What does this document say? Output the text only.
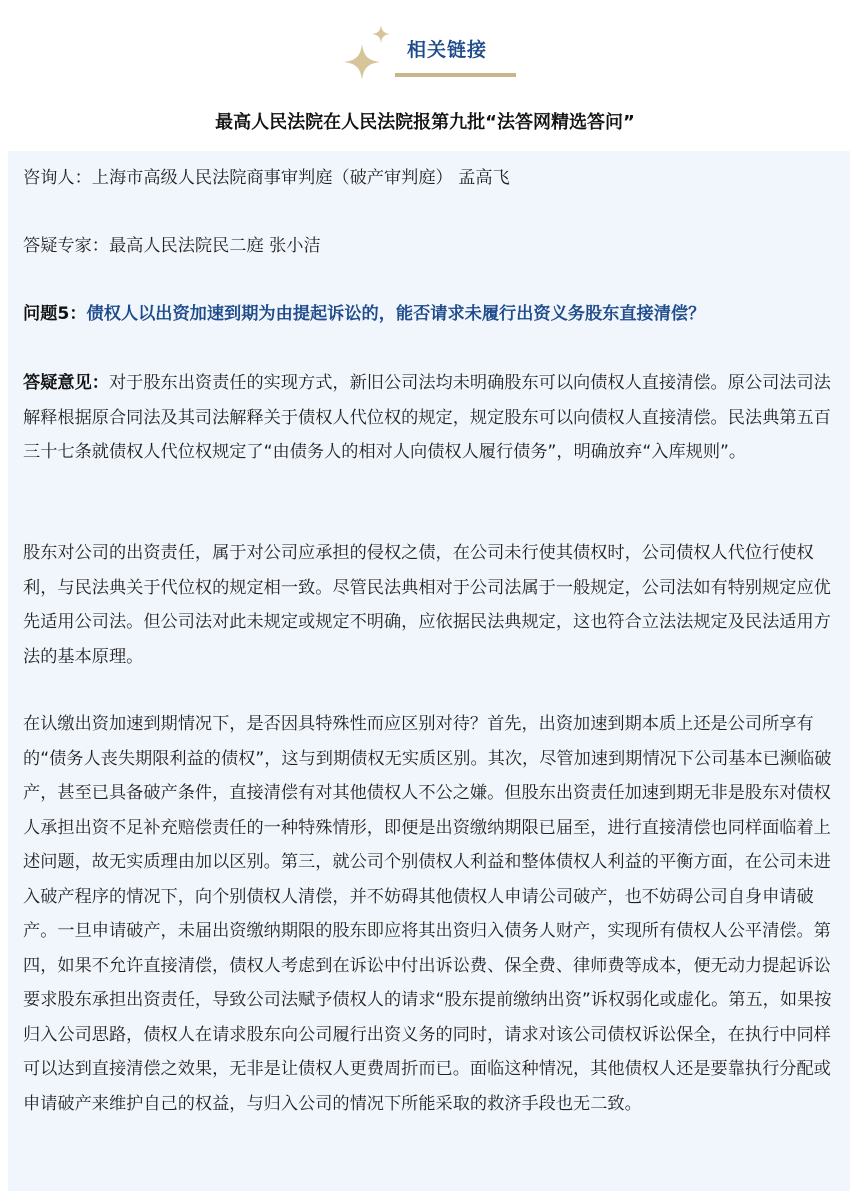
相关链接
最高人民法院在人民法院报第九批“法答网精选答问”

咨询人：上海市高级人民法院商事审判庭（破产审判庭） 孟高飞

答疑专家：最高人民法院民二庭 张小洁

问题5：债权人以出资加速到期为由提起诉讼的，能否请求未履行出资义务股东直接清偿？

答疑意见：对于股东出资责任的实现方式，新旧公司法均未明确股东可以向债权人直接清偿。原公司法司法解释根据原合同法及其司法解释关于债权人代位权的规定，规定股东可以向债权人直接清偿。民法典第五百三十七条就债权人代位权规定了“由债务人的相对人向债权人履行债务”，明确放弃“入库规则”。

股东对公司的出资责任，属于对公司应承担的侵权之债，在公司未行使其债权时，公司债权人代位行使权利，与民法典关于代位权的规定相一致。尽管民法典相对于公司法属于一般规定，公司法如有特别规定应优先适用公司法。但公司法对此未规定或规定不明确，应依据民法典规定，这也符合立法法规定及民法适用方法的基本原理。

在认缴出资加速到期情况下，是否因具特殊性而应区别对待？首先，出资加速到期本质上还是公司所享有的“债务人丧失期限利益的债权”，这与到期债权无实质区别。其次，尽管加速到期情况下公司基本已濒临破产，甚至已具备破产条件，直接清偿有对其他债权人不公之嫌。但股东出资责任加速到期无非是股东对债权人承担出资不足补充赔偿责任的一种特殊情形，即便是出资缴纳期限已届至，进行直接清偿也同样面临着上述问题，故无实质理由加以区别。第三，就公司个别债权人利益和整体债权人利益的平衡方面，在公司未进入破产程序的情况下，向个别债权人清偿，并不妨碍其他债权人申请公司破产，也不妨碍公司自身申请破产。一旦申请破产，未届出资缴纳期限的股东即应将其出资归入债务人财产，实现所有债权人公平清偿。第四，如果不允许直接清偿，债权人考虑到在诉讼中付出诉讼费、保全费、律师费等成本，便无动力提起诉讼要求股东承担出资责任，导致公司法赋予债权人的请求“股东提前缴纳出资”诉权弱化或虚化。第五，如果按归入公司思路，债权人在请求股东向公司履行出资义务的同时，请求对该公司债权诉讼保全，在执行中同样可以达到直接清偿之效果，无非是让债权人更费周折而已。面临这种情况，其他债权人还是要靠执行分配或申请破产来维护自己的权益，与归入公司的情况下所能采取的救济手段也无二致。
